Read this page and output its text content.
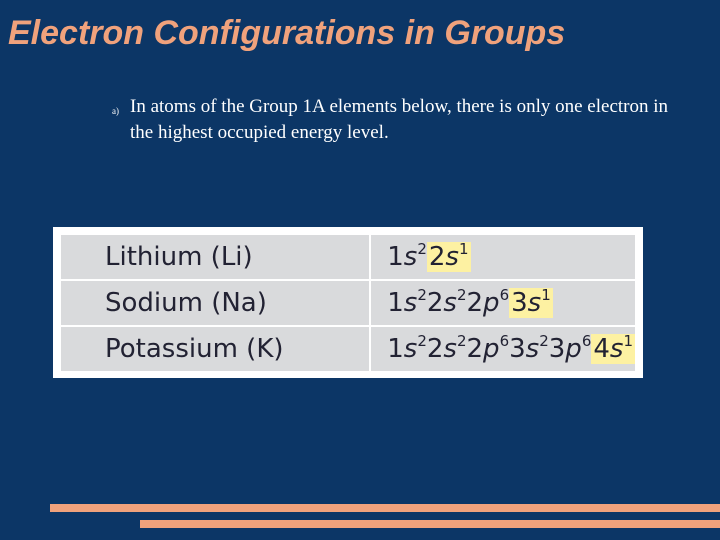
Electron Configurations in Groups
a) In atoms of the Group 1A elements below, there is only one electron in the highest occupied energy level.
Lithium (Li)	$1s^22s^1$
Sodium (Na)	$1s^22s^22p^63s^1$
Potassium (K)	$1s^22s^22p^63s^23p^64s^1$
